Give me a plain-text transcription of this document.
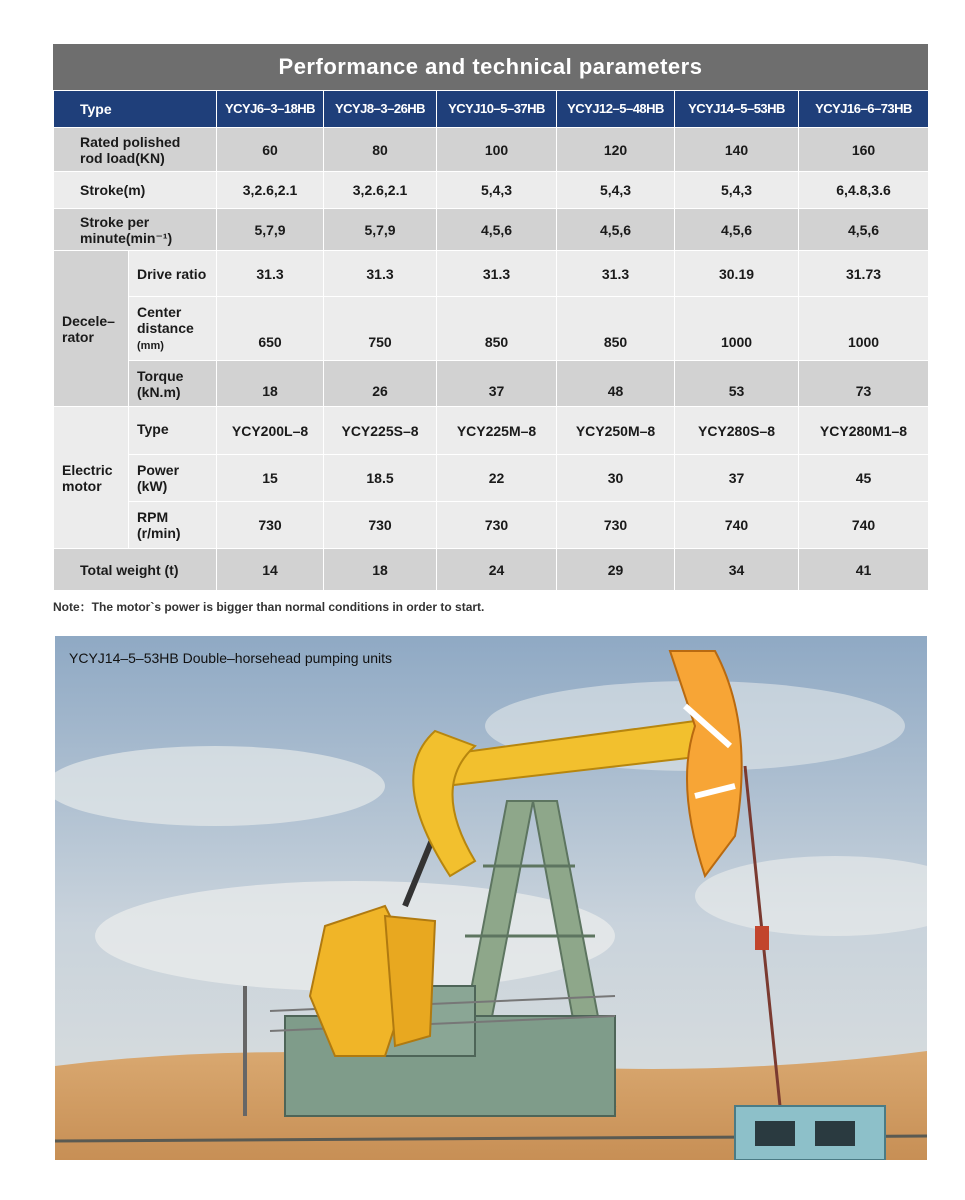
Performance and technical parameters
Type		YCYJ6–3–18HB	YCYJ8–3–26HB	YCYJ10–5–37HB	YCYJ12–5–48HB	YCYJ14–5–53HB	YCYJ16–6–73HB
Rated polished
rod load(KN)		60	80	100	120	140	160
Stroke(m)		3,2.6,2.1	3,2.6,2.1	5,4,3	5,4,3	5,4,3	6,4.8,3.6
Stroke per
minute(min⁻¹)		5,7,9	5,7,9	4,5,6	4,5,6	4,5,6	4,5,6
Decele–
rator	Drive ratio	31.3	31.3	31.3	31.3	30.19	31.73
	Center
distance
(mm)	650	750	850	850	1000	1000
	Torque
(kN.m)	18	26	37	48	53	73
Electric
motor	Type	YCY200L–8	YCY225S–8	YCY225M–8	YCY250M–8	YCY280S–8	YCY280M1–8
	Power
(kW)	15	18.5	22	30	37	45
	RPM
(r/min)	730	730	730	730	740	740
Total weight (t)		14	18	24	29	34	41
Note：The motor`s power is bigger than normal conditions in order to start.
YCYJ14–5–53HB Double–horsehead pumping units
